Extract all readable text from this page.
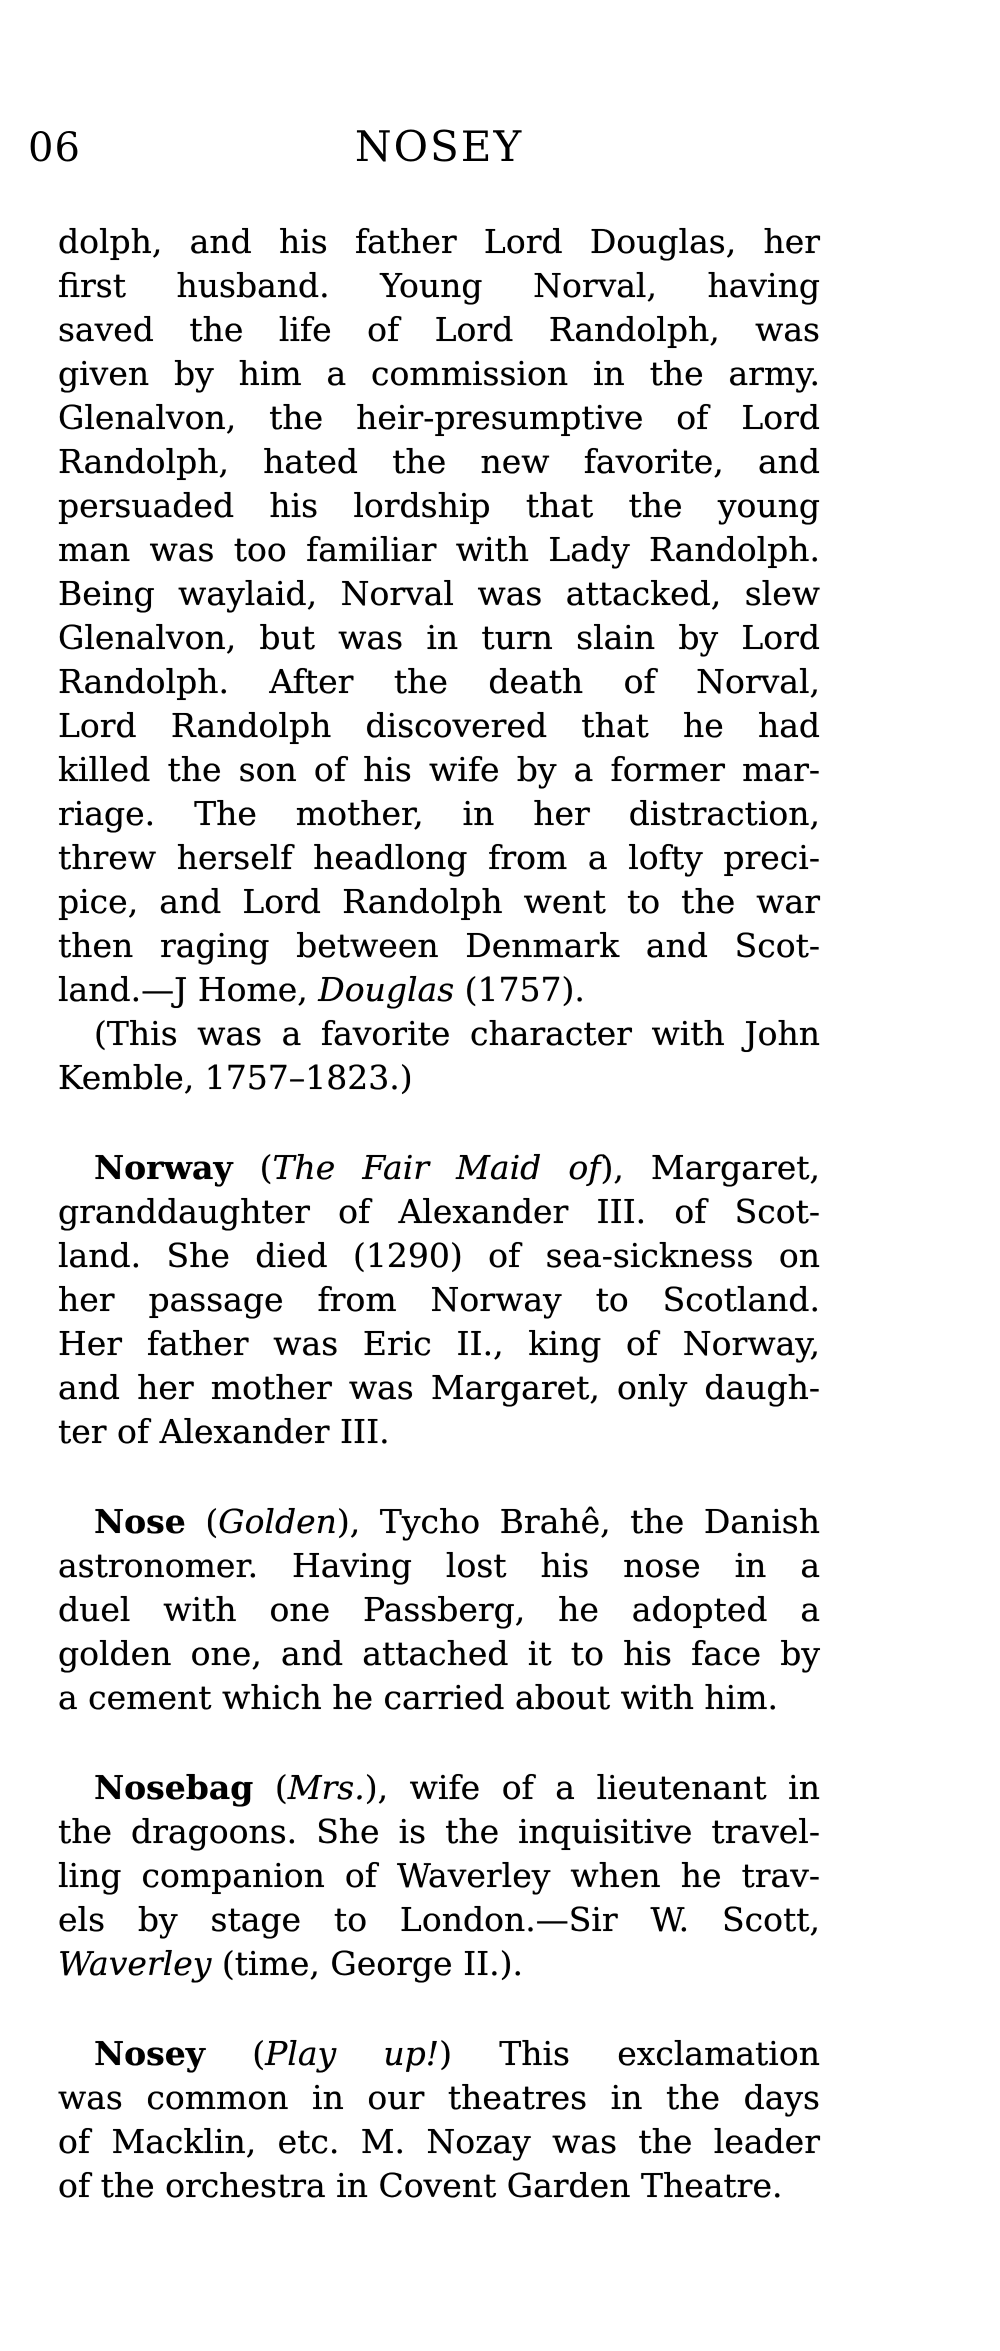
06	NOSEY
dolph, and his father Lord Douglas, her
first husband. Young Norval, having
saved the life of Lord Randolph, was
given by him a commission in the army.
Glenalvon, the heir-presumptive of Lord
Randolph, hated the new favorite, and
persuaded his lordship that the young
man was too familiar with Lady Randolph.
Being waylaid, Norval was attacked, slew
Glenalvon, but was in turn slain by Lord
Randolph. After the death of Norval,
Lord Randolph discovered that he had
killed the son of his wife by a former mar-
riage. The mother, in her distraction,
threw herself headlong from a lofty preci-
pice, and Lord Randolph went to the war
then raging between Denmark and Scot-
land.—J Home, Douglas (1757).
(This was a favorite character with John
Kemble, 1757–1823.)
Norway (The Fair Maid of), Margaret,
granddaughter of Alexander III. of Scot-
land. She died (1290) of sea-sickness on
her passage from Norway to Scotland.
Her father was Eric II., king of Norway,
and her mother was Margaret, only daugh-
ter of Alexander III.
Nose (Golden), Tycho Brahê, the Danish
astronomer. Having lost his nose in a
duel with one Passberg, he adopted a
golden one, and attached it to his face by
a cement which he carried about with him.
Nosebag (Mrs.), wife of a lieutenant in
the dragoons. She is the inquisitive travel-
ling companion of Waverley when he trav-
els by stage to London.—Sir W. Scott,
Waverley (time, George II.).
Nosey (Play up!) This exclamation
was common in our theatres in the days
of Macklin, etc. M. Nozay was the leader
of the orchestra in Covent Garden Theatre.
